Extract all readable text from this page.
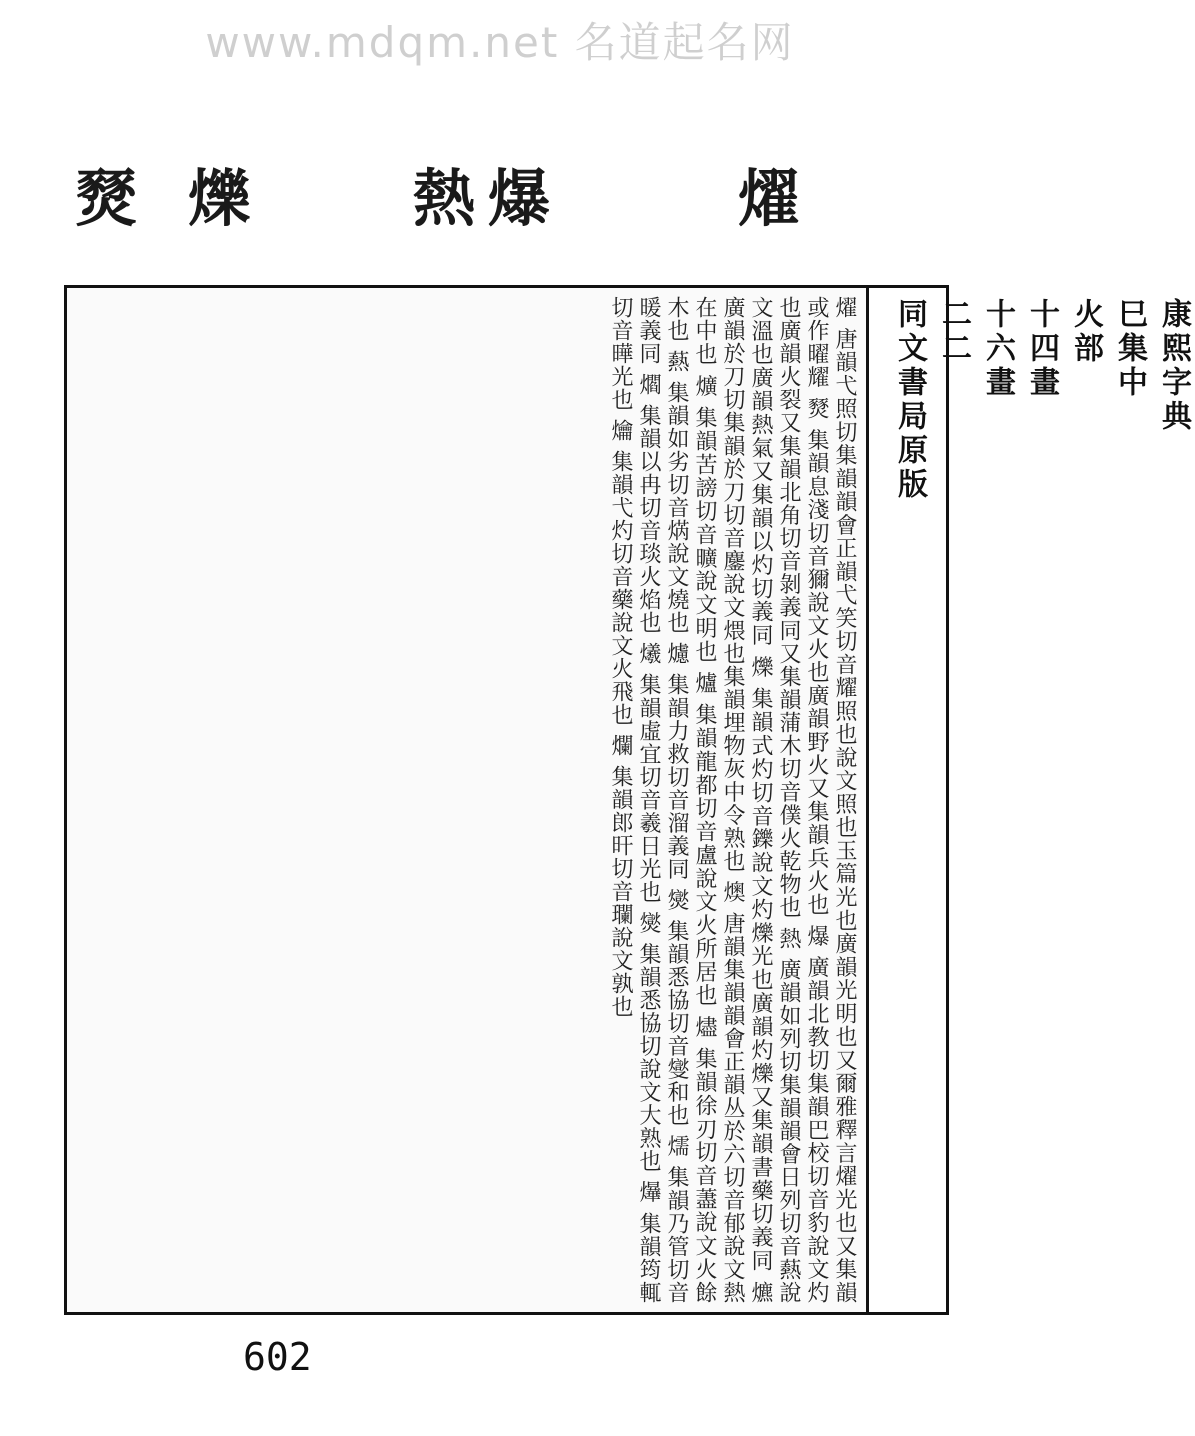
www.mdqm.net 名道起名网
燿
爆
熱
爍
燹
燿 唐韻弋照切集韻韻會正韻弋笑切音耀照也說文照也玉篇光也廣韻光明也又爾雅釋言燿光也又集韻或作曜耀 燹 集韻息淺切音獮說文火也廣韻野火又集韻兵火也 爆 廣韻北教切集韻巴校切音豹說文灼也廣韻火裂又集韻北角切音剝義同又集韻蒲木切音僕火乾物也 熱 廣韻如列切集韻韻會日列切音爇說文溫也廣韻熱氣又集韻以灼切義同 爍 集韻式灼切音鑠說文灼爍光也廣韻灼爍又集韻書藥切義同 爊 廣韻於刀切集韻於刀切音鏖說文煨也集韻埋物灰中令熟也 燠 唐韻集韻韻會正韻丛於六切音郁說文熱在中也 爌 集韻苦謗切音曠說文明也 爐 集韻龍都切音盧說文火所居也 燼 集韻徐刃切音藎說文火餘木也 爇 集韻如劣切音焫說文燒也 爈 集韻力救切音溜義同 爕 集韻悉協切音燮和也 燸 集韻乃管切音暖義同 爓 集韻以冉切音琰火焰也 爔 集韻虛宜切音羲日光也 爕 集韻悉協切說文大熟也 爗 集韻筠輒切音曄光也 爚 集韻弋灼切音藥說文火飛也 爛 集韻郎旰切音瓓說文孰也	康熙字典
巳集中
火部
十四畫
十六畫
二二
同文書局原版
602
